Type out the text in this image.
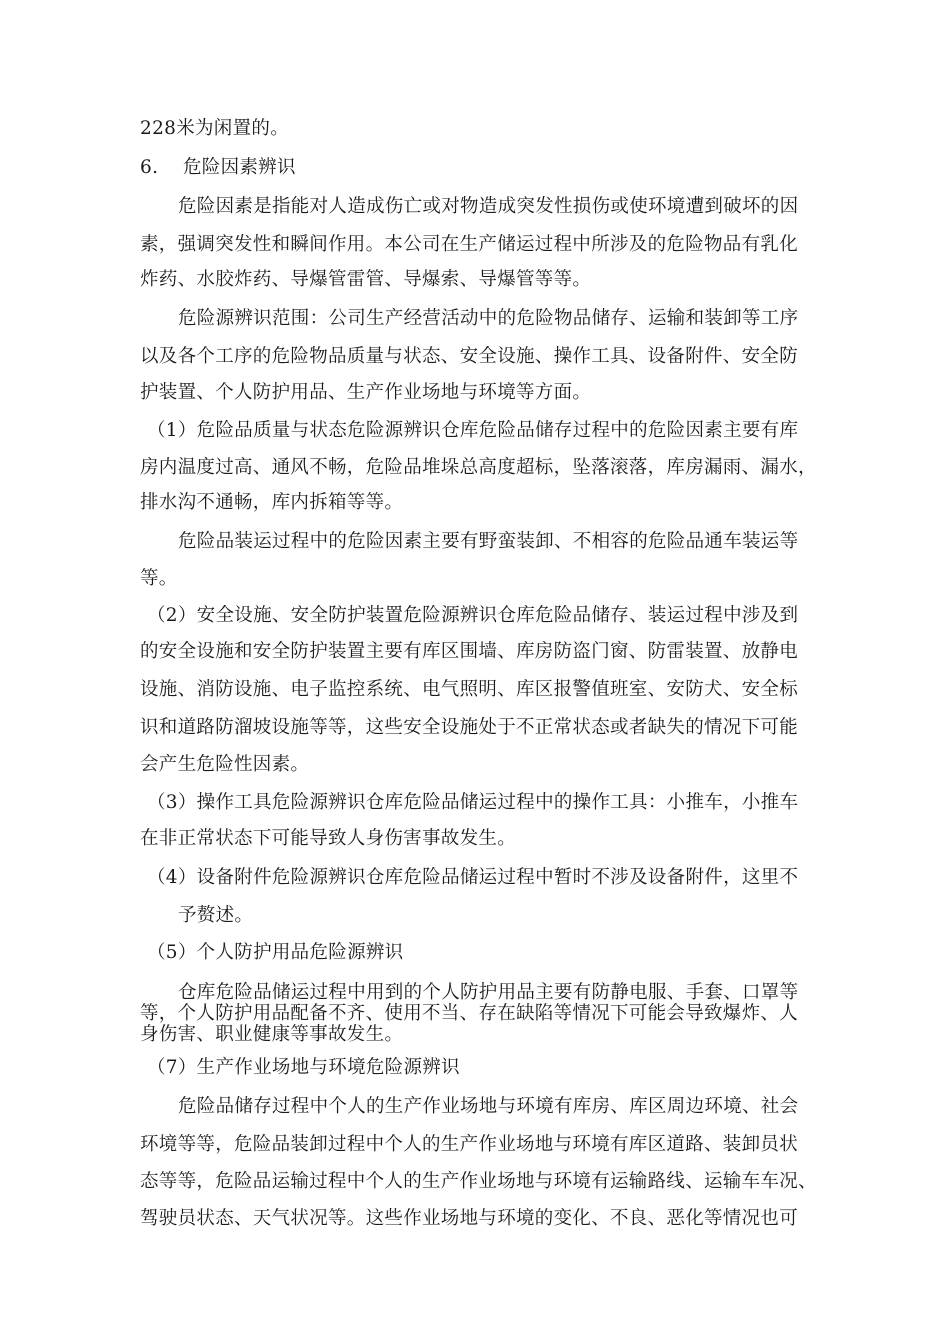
228米为闲置的。
6.    危险因素辨识
危险因素是指能对人造成伤亡或对物造成突发性损伤或使环境遭到破坏的因
素，强调突发性和瞬间作用。本公司在生产储运过程中所涉及的危险物品有乳化
炸药、水胶炸药、导爆管雷管、导爆索、导爆管等等。
危险源辨识范围：公司生产经营活动中的危险物品储存、运输和装卸等工序
以及各个工序的危险物品质量与状态、安全设施、操作工具、设备附件、安全防
护装置、个人防护用品、生产作业场地与环境等方面。
（1）危险品质量与状态危险源辨识仓库危险品储存过程中的危险因素主要有库
房内温度过高、通风不畅，危险品堆垛总高度超标，坠落滚落，库房漏雨、漏水，
排水沟不通畅，库内拆箱等等。
危险品装运过程中的危险因素主要有野蛮装卸、不相容的危险品通车装运等
等。
（2）安全设施、安全防护装置危险源辨识仓库危险品储存、装运过程中涉及到
的安全设施和安全防护装置主要有库区围墙、库房防盗门窗、防雷装置、放静电
设施、消防设施、电子监控系统、电气照明、库区报警值班室、安防犬、安全标
识和道路防溜坡设施等等，这些安全设施处于不正常状态或者缺失的情况下可能
会产生危险性因素。
（3）操作工具危险源辨识仓库危险品储运过程中的操作工具：小推车，小推车
在非正常状态下可能导致人身伤害事故发生。
（4）设备附件危险源辨识仓库危险品储运过程中暂时不涉及设备附件，这里不
予赘述。
（5）个人防护用品危险源辨识
仓库危险品储运过程中用到的个人防护用品主要有防静电服、手套、口罩等
等，个人防护用品配备不齐、使用不当、存在缺陷等情况下可能会导致爆炸、人
身伤害、职业健康等事故发生。
（7）生产作业场地与环境危险源辨识
危险品储存过程中个人的生产作业场地与环境有库房、库区周边环境、社会
环境等等，危险品装卸过程中个人的生产作业场地与环境有库区道路、装卸员状
态等等，危险品运输过程中个人的生产作业场地与环境有运输路线、运输车车况、
驾驶员状态、天气状况等。这些作业场地与环境的变化、不良、恶化等情况也可
